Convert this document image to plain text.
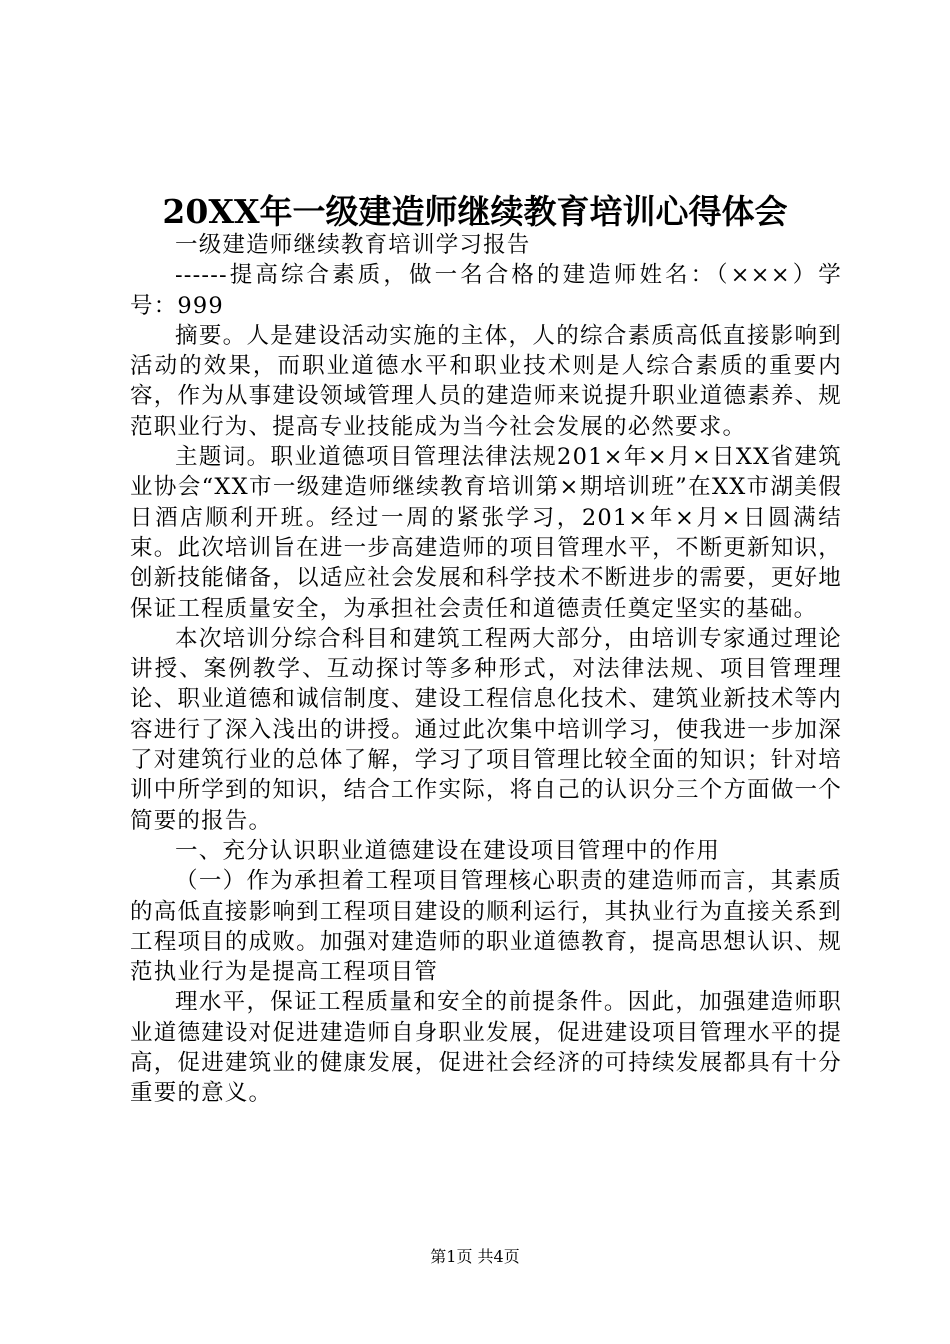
20XX年一级建造师继续教育培训心得体会

一级建造师继续教育培训学习报告

------提高综合素质，做一名合格的建造师姓名：（×××）学号：999

摘要。人是建设活动实施的主体，人的综合素质高低直接影响到活动的效果，而职业道德水平和职业技术则是人综合素质的重要内容，作为从事建设领域管理人员的建造师来说提升职业道德素养、规范职业行为、提高专业技能成为当今社会发展的必然要求。

主题词。职业道德项目管理法律法规201×年×月×日XX省建筑业协会“XX市一级建造师继续教育培训第×期培训班”在XX市湖美假日酒店顺利开班。经过一周的紧张学习，201×年×月×日圆满结束。此次培训旨在进一步高建造师的项目管理水平，不断更新知识，创新技能储备，以适应社会发展和科学技术不断进步的需要，更好地保证工程质量安全，为承担社会责任和道德责任奠定坚实的基础。

本次培训分综合科目和建筑工程两大部分，由培训专家通过理论讲授、案例教学、互动探讨等多种形式，对法律法规、项目管理理论、职业道德和诚信制度、建设工程信息化技术、建筑业新技术等内容进行了深入浅出的讲授。通过此次集中培训学习，使我进一步加深了对建筑行业的总体了解，学习了项目管理比较全面的知识；针对培训中所学到的知识，结合工作实际，将自己的认识分三个方面做一个简要的报告。

一、充分认识职业道德建设在建设项目管理中的作用

（一）作为承担着工程项目管理核心职责的建造师而言，其素质的高低直接影响到工程项目建设的顺利运行，其执业行为直接关系到工程项目的成败。加强对建造师的职业道德教育，提高思想认识、规范执业行为是提高工程项目管

理水平，保证工程质量和安全的前提条件。因此，加强建造师职业道德建设对促进建造师自身职业发展，促进建设项目管理水平的提高，促进建筑业的健康发展，促进社会经济的可持续发展都具有十分重要的意义。

第1页 共4页
